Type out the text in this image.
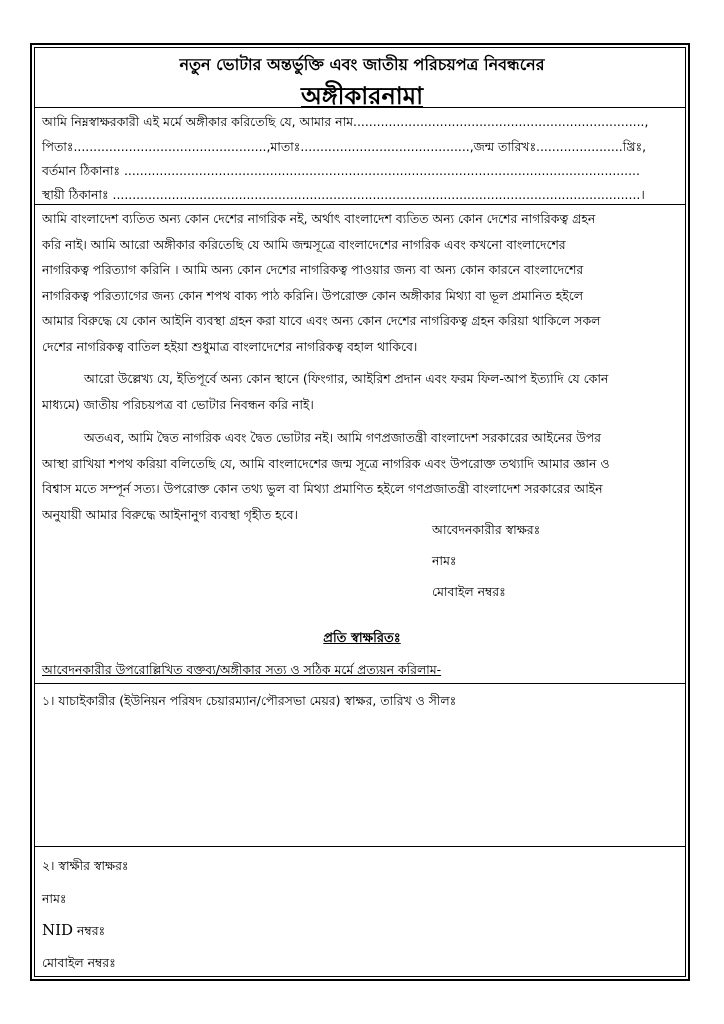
নতুন ভোটার অন্তর্ভুক্তি এবং জাতীয় পরিচয়পত্র নিবন্ধনের
অঙ্গীকারনামা
আমি নিম্নস্বাক্ষরকারী এই মর্মে অঙ্গীকার করিতেছি যে, আমার নাম..........................................................................,
পিতাঃ.................................................,মাতাঃ...........................................,জন্ম তারিখঃ......................খ্রিঃ,
বর্তমান ঠিকানাঃ ...................................................................................................................................
স্থায়ী ঠিকানাঃ ......................................................................................................................................।
আমি বাংলাদেশ ব্যতিত অন্য কোন দেশের নাগরিক নই, অর্থাৎ বাংলাদেশ ব্যতিত অন্য কোন দেশের নাগরিকত্ব গ্রহন
করি নাই। আমি আরো অঙ্গীকার করিতেছি যে আমি জন্মসূত্রে বাংলাদেশের নাগরিক এবং কখনো বাংলাদেশের
নাগরিকত্ব পরিত্যাগ করিনি । আমি অন্য কোন দেশের নাগরিকত্ব পাওয়ার জন্য বা অন্য কোন কারনে বাংলাদেশের
নাগরিকত্ব পরিত্যাগের জন্য কোন শপথ বাক্য পাঠ করিনি। উপরোক্ত কোন অঙ্গীকার মিথ্যা বা ভূল প্রমানিত হইলে
আমার বিরুদ্ধে যে কোন আইনি ব্যবস্থা গ্রহন করা যাবে এবং অন্য কোন দেশের নাগরিকত্ব গ্রহন করিয়া থাকিলে সকল
দেশের নাগরিকত্ব বাতিল হইয়া শুধুমাত্র বাংলাদেশের নাগরিকত্ব বহাল থাকিবে।
আরো উল্লেখ্য যে, ইতিপূর্বে অন্য কোন স্থানে (ফিংগার, আইরিশ প্রদান এবং ফরম ফিল-আপ ইত্যাদি যে কোন
মাধ্যমে) জাতীয় পরিচয়পত্র বা ভোটার নিবন্ধন করি নাই।
অতএব, আমি দ্বৈত নাগরিক এবং দ্বৈত ভোটার নই। আমি গণপ্রজাতন্ত্রী বাংলাদেশ সরকারের আইনের উপর
আস্থা রাখিয়া শপথ করিয়া বলিতেছি যে, আমি বাংলাদেশের জন্ম সূত্রে নাগরিক এবং উপরোক্ত তথ্যাদি আমার জ্ঞান ও
বিশ্বাস মতে সম্পূর্ন সত্য। উপরোক্ত কোন তথ্য ভুল বা মিথ্যা প্রমাণিত হইলে গণপ্রজাতন্ত্রী বাংলাদেশ সরকারের আইন
অনুযায়ী আমার বিরুদ্ধে আইনানুগ ব্যবস্থা গৃহীত হবে।
আবেদনকারীর স্বাক্ষরঃ
নামঃ
মোবাইল নম্বরঃ
প্রতি স্বাক্ষরিতঃ
আবেদনকারীর উপরোল্লিখিত বক্তব্য/অঙ্গীকার সত্য ও সঠিক মর্মে প্রত্যয়ন করিলাম-
১। যাচাইকারীর (ইউনিয়ন পরিষদ চেয়ারম্যান/পৌরসভা মেয়র) স্বাক্ষর, তারিখ ও সীলঃ
২। স্বাক্ষীর স্বাক্ষরঃ
নামঃ
NID নম্বরঃ
মোবাইল নম্বরঃ
